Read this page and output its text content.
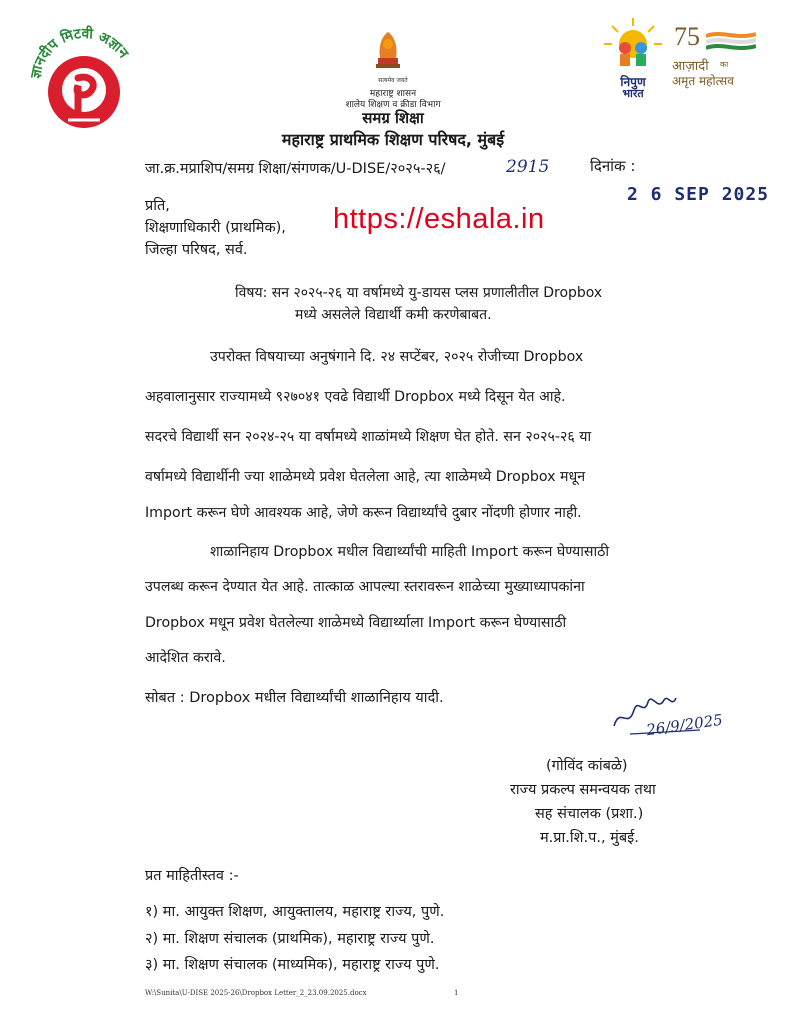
ज्ञानदीप मिटवी अज्ञान
सत्यमेव जयते
महाराष्ट्र शासन
शालेय शिक्षण व क्रीडा विभाग
समग्र शिक्षा
महाराष्ट्र प्राथमिक शिक्षण परिषद, मुंबई
निपुण
भारत
75
आज़ादी का
अमृत महोत्सव
जा.क्र.मप्राशिप/समग्र शिक्षा/संगणक/U-DISE/२०२५-२६/	2915	दिनांक :
2 6 SEP 2025
प्रति,
शिक्षणाधिकारी (प्राथमिक),
जिल्हा परिषद, सर्व.
https://eshala.in
विषय: सन २०२५-२६ या वर्षामध्ये यु-डायस प्लस प्रणालीतील Dropbox
मध्ये असलेले विद्यार्थी कमी करणेबाबत.
उपरोक्त विषयाच्या अनुषंगाने दि. २४ सप्टेंबर, २०२५ रोजीच्या Dropbox
अहवालानुसार राज्यामध्ये ९२७०४१ एवढे विद्यार्थी Dropbox मध्ये दिसून येत आहे.
सदरचे विद्यार्थी सन २०२४-२५ या वर्षामध्ये शाळांमध्ये शिक्षण घेत होते. सन २०२५-२६ या
वर्षामध्ये विद्यार्थीनी ज्या शाळेमध्ये प्रवेश घेतलेला आहे, त्या शाळेमध्ये Dropbox मधून
Import करून घेणे आवश्यक आहे, जेणे करून विद्यार्थ्यांचे दुबार नोंदणी होणार नाही.
शाळानिहाय Dropbox मधील विद्यार्थ्यांची माहिती Import करून घेण्यासाठी
उपलब्ध करून देण्यात येत आहे. तात्काळ आपल्या स्तरावरून शाळेच्या मुख्याध्यापकांना
Dropbox मधून प्रवेश घेतलेल्या शाळेमध्ये विद्यार्थ्याला Import करून घेण्यासाठी
आदेशित करावे.
सोबत : Dropbox मधील विद्यार्थ्यांची शाळानिहाय यादी.
26/9/2025
(गोविंद कांबळे)
राज्य प्रकल्प समन्वयक तथा
सह संचालक (प्रशा.)
म.प्रा.शि.प., मुंबई.
प्रत माहितीस्तव :-
१) मा. आयुक्त शिक्षण, आयुक्तालय, महाराष्ट्र राज्य, पुणे.
२) मा. शिक्षण संचालक (प्राथमिक), महाराष्ट्र राज्य पुणे.
३) मा. शिक्षण संचालक (माध्यमिक), महाराष्ट्र राज्य पुणे.
W:\Sunita\U-DISE 2025-26\Dropbox Letter_2_23.09.2025.docx	1
